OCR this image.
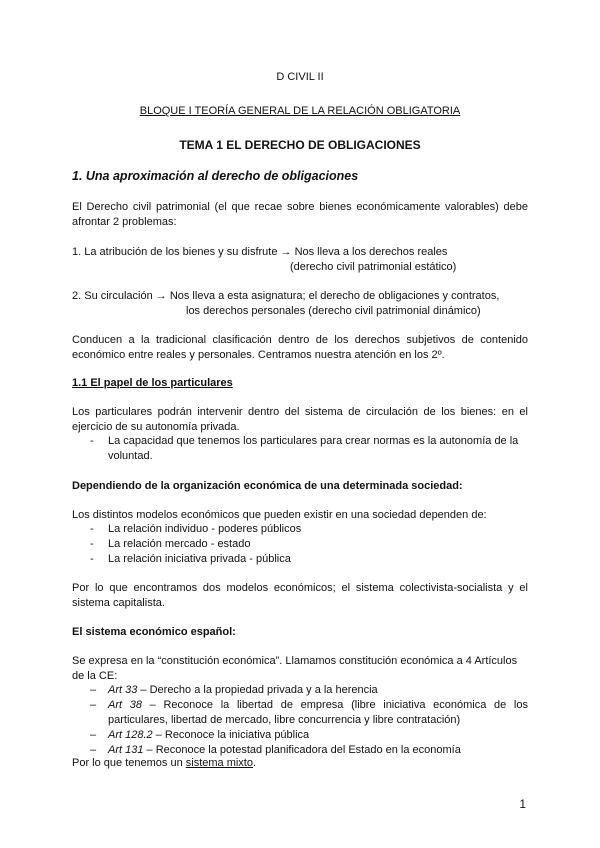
D CIVIL II
BLOQUE I TEORÍA GENERAL DE LA RELACIÓN OBLIGATORIA
TEMA 1 EL DERECHO DE OBLIGACIONES
1. Una aproximación al derecho de obligaciones
El Derecho civil patrimonial (el que recae sobre bienes económicamente valorables) debe afrontar 2 problemas:
1. La atribución de los bienes y su disfrute → Nos lleva a los derechos reales
(derecho civil patrimonial estático)
2. Su circulación → Nos lleva a esta asignatura; el derecho de obligaciones y contratos,
los derechos personales (derecho civil patrimonial dinámico)
Conducen a la tradicional clasificación dentro de los derechos subjetivos de contenido económico entre reales y personales. Centramos nuestra atención en los 2º.
1.1 El papel de los particulares
Los particulares podrán intervenir dentro del sistema de circulación de los bienes: en el ejercicio de su autonomía privada.
- La capacidad que tenemos los particulares para crear normas es la autonomía de la voluntad.
Dependiendo de la organización económica de una determinada sociedad:
Los distintos modelos económicos que pueden existir en una sociedad dependen de:
- La relación individuo - poderes públicos
- La relación mercado - estado
- La relación iniciativa privada - pública
Por lo que encontramos dos modelos económicos; el sistema colectivista-socialista y el sistema capitalista.
El sistema económico español:
Se expresa en la “constitución económica”. Llamamos constitución económica a 4 Artículos de la CE:
– Art 33 – Derecho a la propiedad privada y a la herencia
– Art 38 – Reconoce la libertad de empresa (libre iniciativa económica de los particulares, libertad de mercado, libre concurrencia y libre contratación)
– Art 128.2 – Reconoce la iniciativa pública
– Art 131 – Reconoce la potestad planificadora del Estado en la economía
Por lo que tenemos un sistema mixto.
1
